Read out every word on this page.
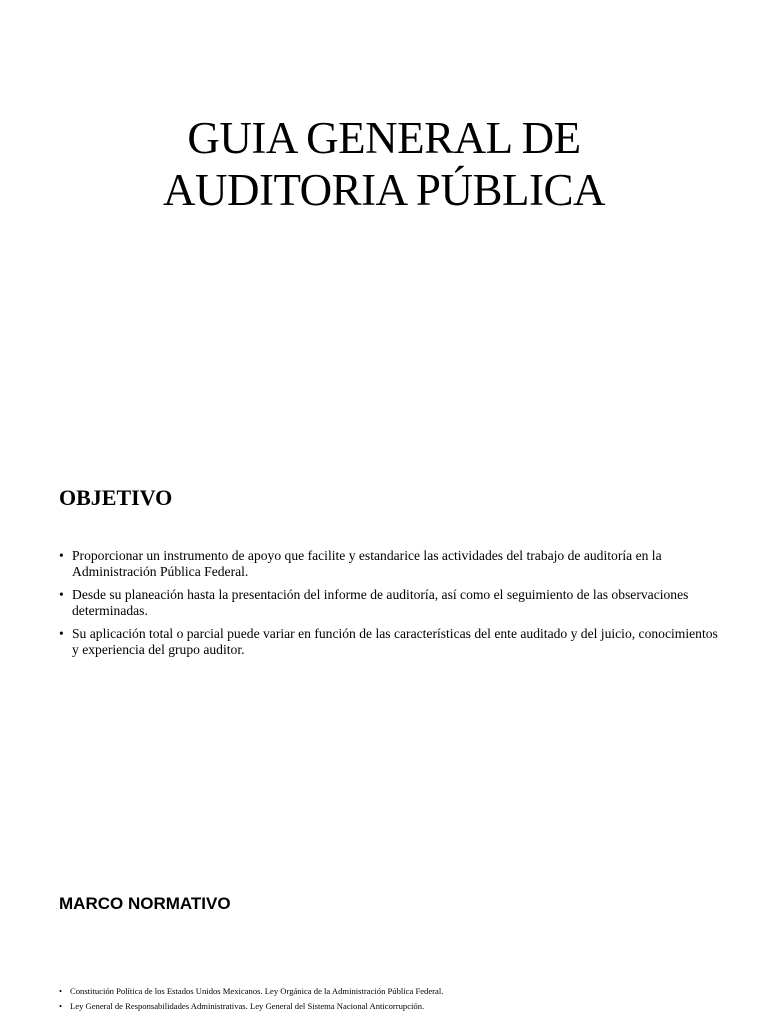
GUIA GENERAL DE
AUDITORIA PÚBLICA
OBJETIVO
• Proporcionar un instrumento de apoyo que facilite y estandarice las actividades del trabajo de auditoría en la Administración Pública Federal.
• Desde su planeación hasta la presentación del informe de auditoría, así como el seguimiento de las observaciones determinadas.
• Su aplicación total o parcial puede variar en función de las características del ente auditado y del juicio, conocimientos y experiencia del grupo auditor.
MARCO NORMATIVO
• Constitución Política de los Estados Unidos Mexicanos. Ley Orgánica de la Administración Pública Federal.
• Ley General de Responsabilidades Administrativas. Ley General del Sistema Nacional Anticorrupción.
